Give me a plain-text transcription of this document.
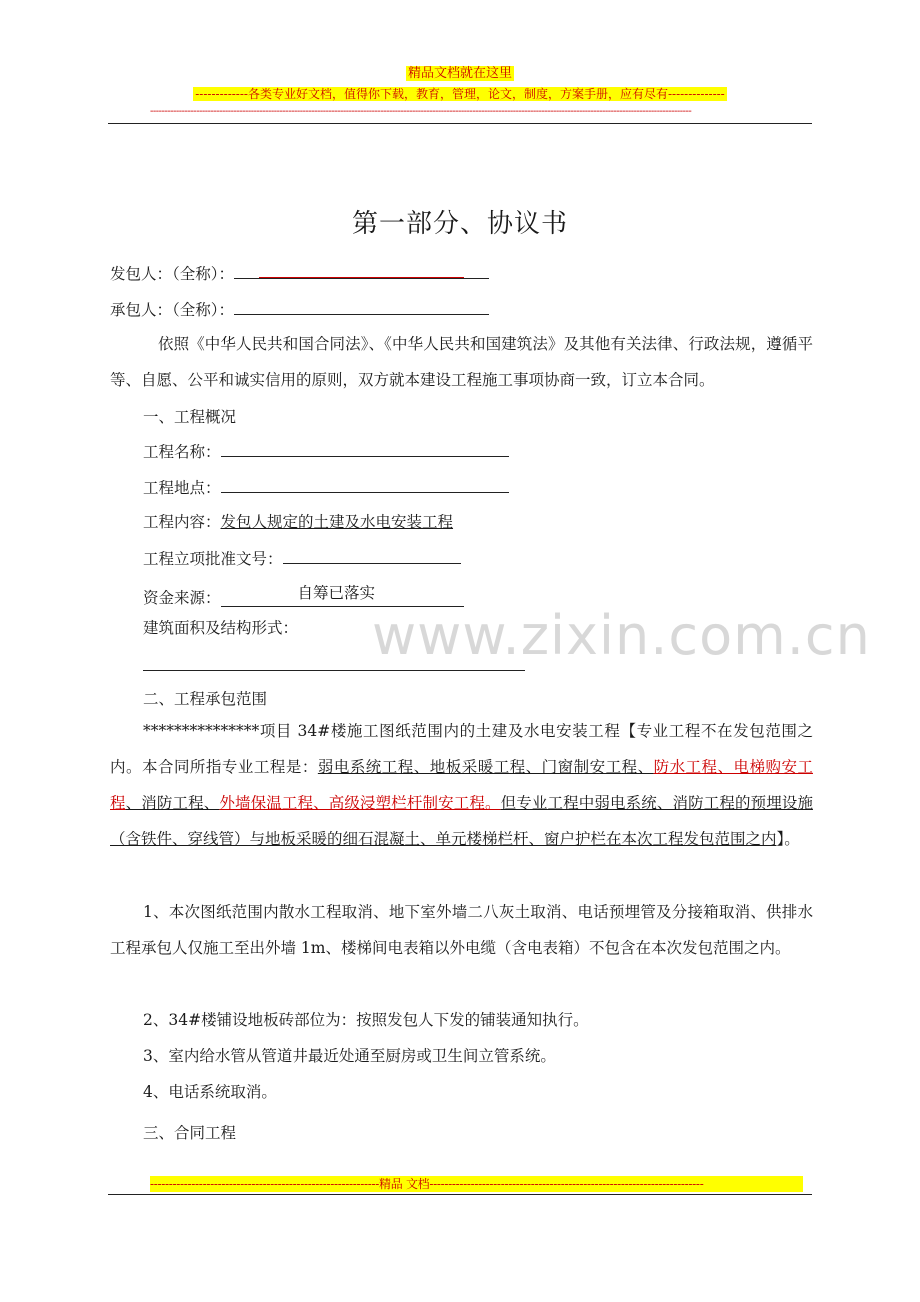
精品文档就在这里
-------------各类专业好文档，值得你下载，教育，管理，论文，制度，方案手册，应有尽有--------------
--------------------------------------------------------------------------------------------------------------------------------------------------------------------------------------------
www.zixin.com.cn
第一部分、协议书
发包人：（全称）：
承包人：（全称）：
依照《中华人民共和国合同法》、《中华人民共和国建筑法》及其他有关法律、行政法规，遵循平等、自愿、公平和诚实信用的原则，双方就本建设工程施工事项协商一致，订立本合同。
一、工程概况
工程名称：
工程地点：
工程内容：发包人规定的土建及水电安装工程
工程立项批准文号：
资金来源：	自筹已落实
建筑面积及结构形式：
二、工程承包范围
***************项目 34#楼施工图纸范围内的土建及水电安装工程【专业工程不在发包范围之内。本合同所指专业工程是：弱电系统工程、地板采暖工程、门窗制安工程、防水工程、电梯购安工程、消防工程、外墙保温工程、高级浸塑栏杆制安工程。但专业工程中弱电系统、消防工程的预埋设施（含铁件、穿线管）与地板采暖的细石混凝土、单元楼梯栏杆、窗户护栏在本次工程发包范围之内】。
1、本次图纸范围内散水工程取消、地下室外墙二八灰土取消、电话预埋管及分接箱取消、供排水工程承包人仅施工至出外墙 1m、楼梯间电表箱以外电缆（含电表箱）不包含在本次发包范围之内。
2、34#楼铺设地板砖部位为：按照发包人下发的铺装通知执行。
3、室内给水管从管道井最近处通至厨房或卫生间立管系统。
4、电话系统取消。
三、合同工程
-------------------------------------------------------------精品 文档-------------------------------------------------------------------------
